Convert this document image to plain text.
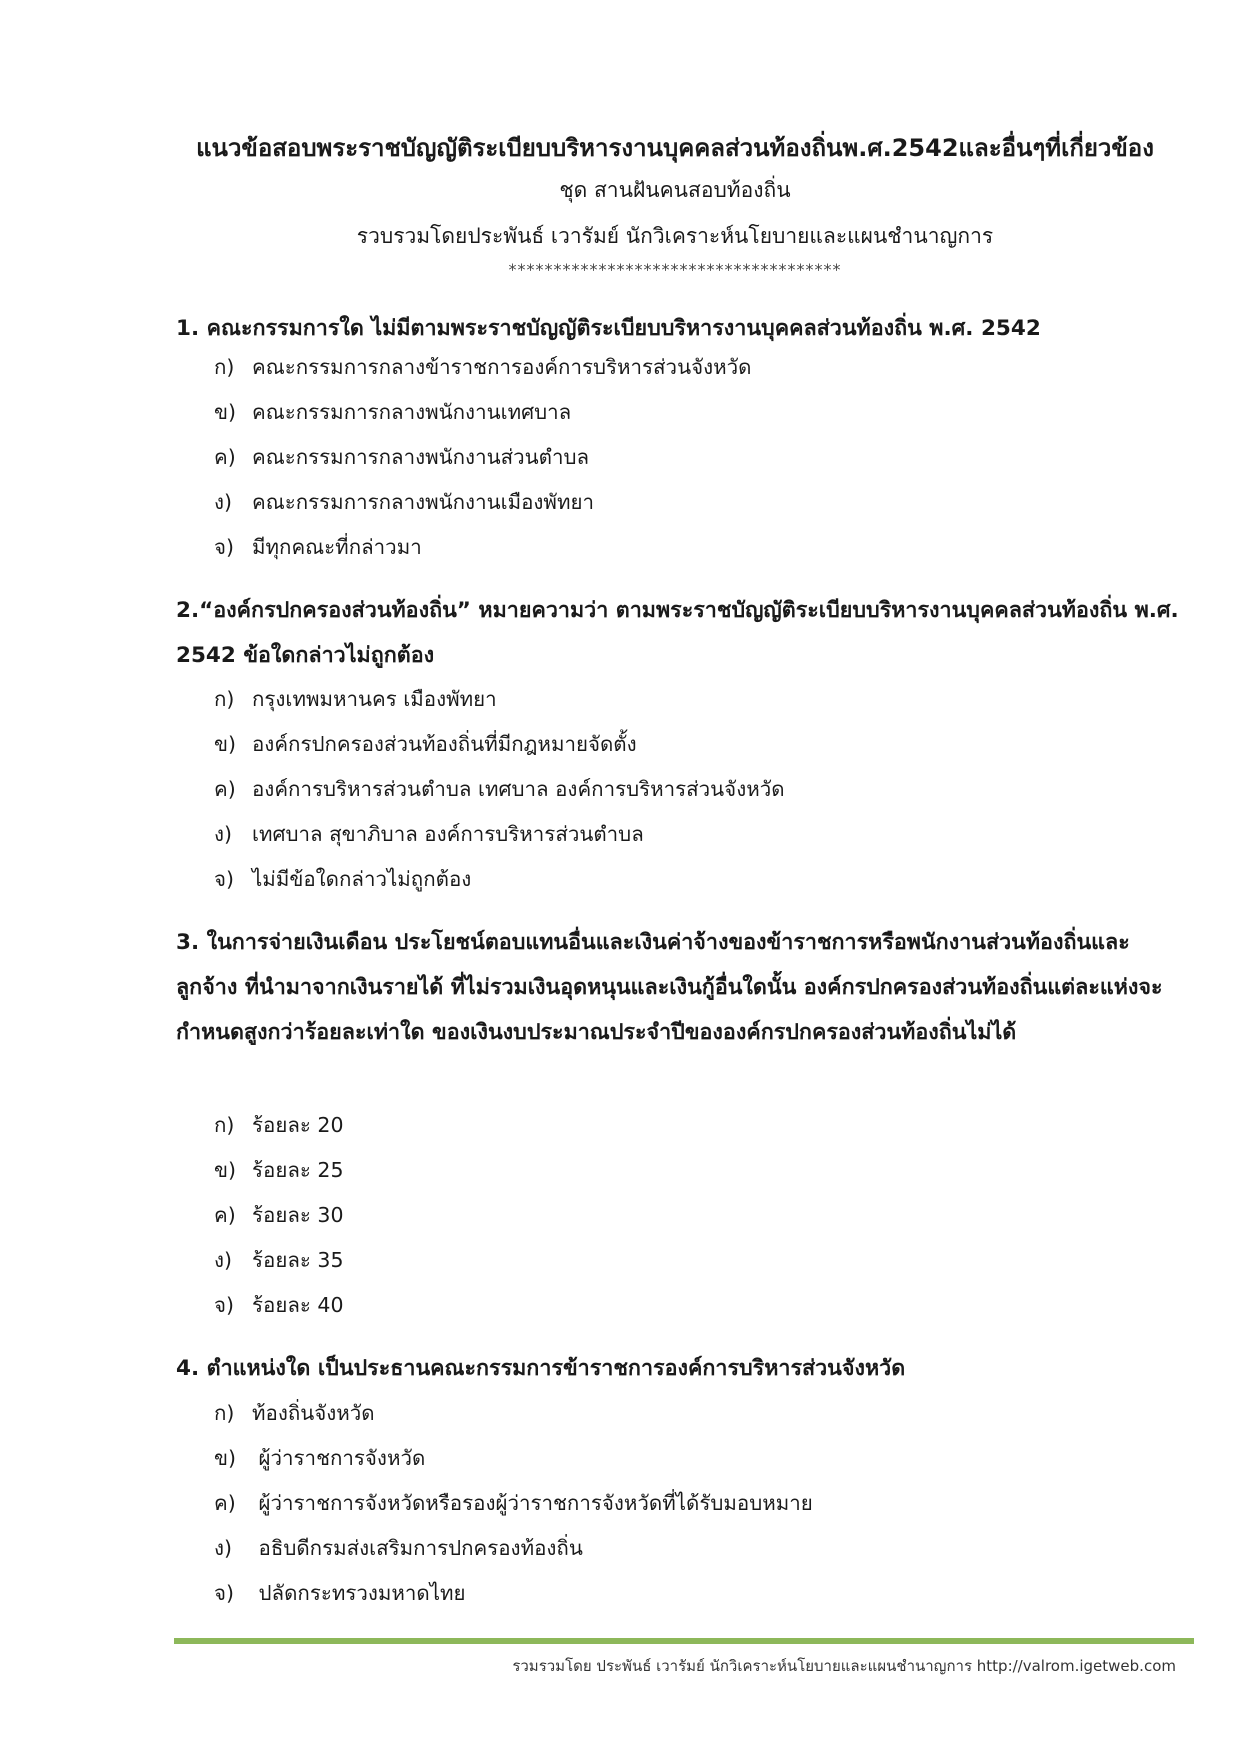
แนวข้อสอบพระราชบัญญัติระเบียบบริหารงานบุคคลส่วนท้องถิ่นพ.ศ.2542และอื่นๆที่เกี่ยวข้อง
ชุด สานฝันคนสอบท้องถิ่น
รวบรวมโดยประพันธ์ เวารัมย์ นักวิเคราะห์นโยบายและแผนชำนาญการ
*************************************
1. คณะกรรมการใด ไม่มีตามพระราชบัญญัติระเบียบบริหารงานบุคคลส่วนท้องถิ่น พ.ศ. 2542
ก) คณะกรรมการกลางข้าราชการองค์การบริหารส่วนจังหวัด
ข) คณะกรรมการกลางพนักงานเทศบาล
ค) คณะกรรมการกลางพนักงานส่วนตำบล
ง) คณะกรรมการกลางพนักงานเมืองพัทยา
จ) มีทุกคณะที่กล่าวมา
2.“องค์กรปกครองส่วนท้องถิ่น” หมายความว่า ตามพระราชบัญญัติระเบียบบริหารงานบุคคลส่วนท้องถิ่น พ.ศ. 2542 ข้อใดกล่าวไม่ถูกต้อง
ก) กรุงเทพมหานคร เมืองพัทยา
ข) องค์กรปกครองส่วนท้องถิ่นที่มีกฎหมายจัดตั้ง
ค) องค์การบริหารส่วนตำบล เทศบาล องค์การบริหารส่วนจังหวัด
ง) เทศบาล สุขาภิบาล องค์การบริหารส่วนตำบล
จ) ไม่มีข้อใดกล่าวไม่ถูกต้อง
3. ในการจ่ายเงินเดือน ประโยชน์ตอบแทนอื่นและเงินค่าจ้างของข้าราชการหรือพนักงานส่วนท้องถิ่นและลูกจ้าง ที่นำมาจากเงินรายได้ ที่ไม่รวมเงินอุดหนุนและเงินกู้อื่นใดนั้น องค์กรปกครองส่วนท้องถิ่นแต่ละแห่งจะกำหนดสูงกว่าร้อยละเท่าใด ของเงินงบประมาณประจำปีขององค์กรปกครองส่วนท้องถิ่นไม่ได้
ก) ร้อยละ 20
ข) ร้อยละ 25
ค) ร้อยละ 30
ง) ร้อยละ 35
จ) ร้อยละ 40
4. ตำแหน่งใด เป็นประธานคณะกรรมการข้าราชการองค์การบริหารส่วนจังหวัด
ก) ท้องถิ่นจังหวัด
ข) ผู้ว่าราชการจังหวัด
ค) ผู้ว่าราชการจังหวัดหรือรองผู้ว่าราชการจังหวัดที่ได้รับมอบหมาย
ง) อธิบดีกรมส่งเสริมการปกครองท้องถิ่น
จ) ปลัดกระทรวงมหาดไทย
รวมรวมโดย ประพันธ์ เวารัมย์ นักวิเคราะห์นโยบายและแผนชำนาญการ http://valrom.igetweb.com
